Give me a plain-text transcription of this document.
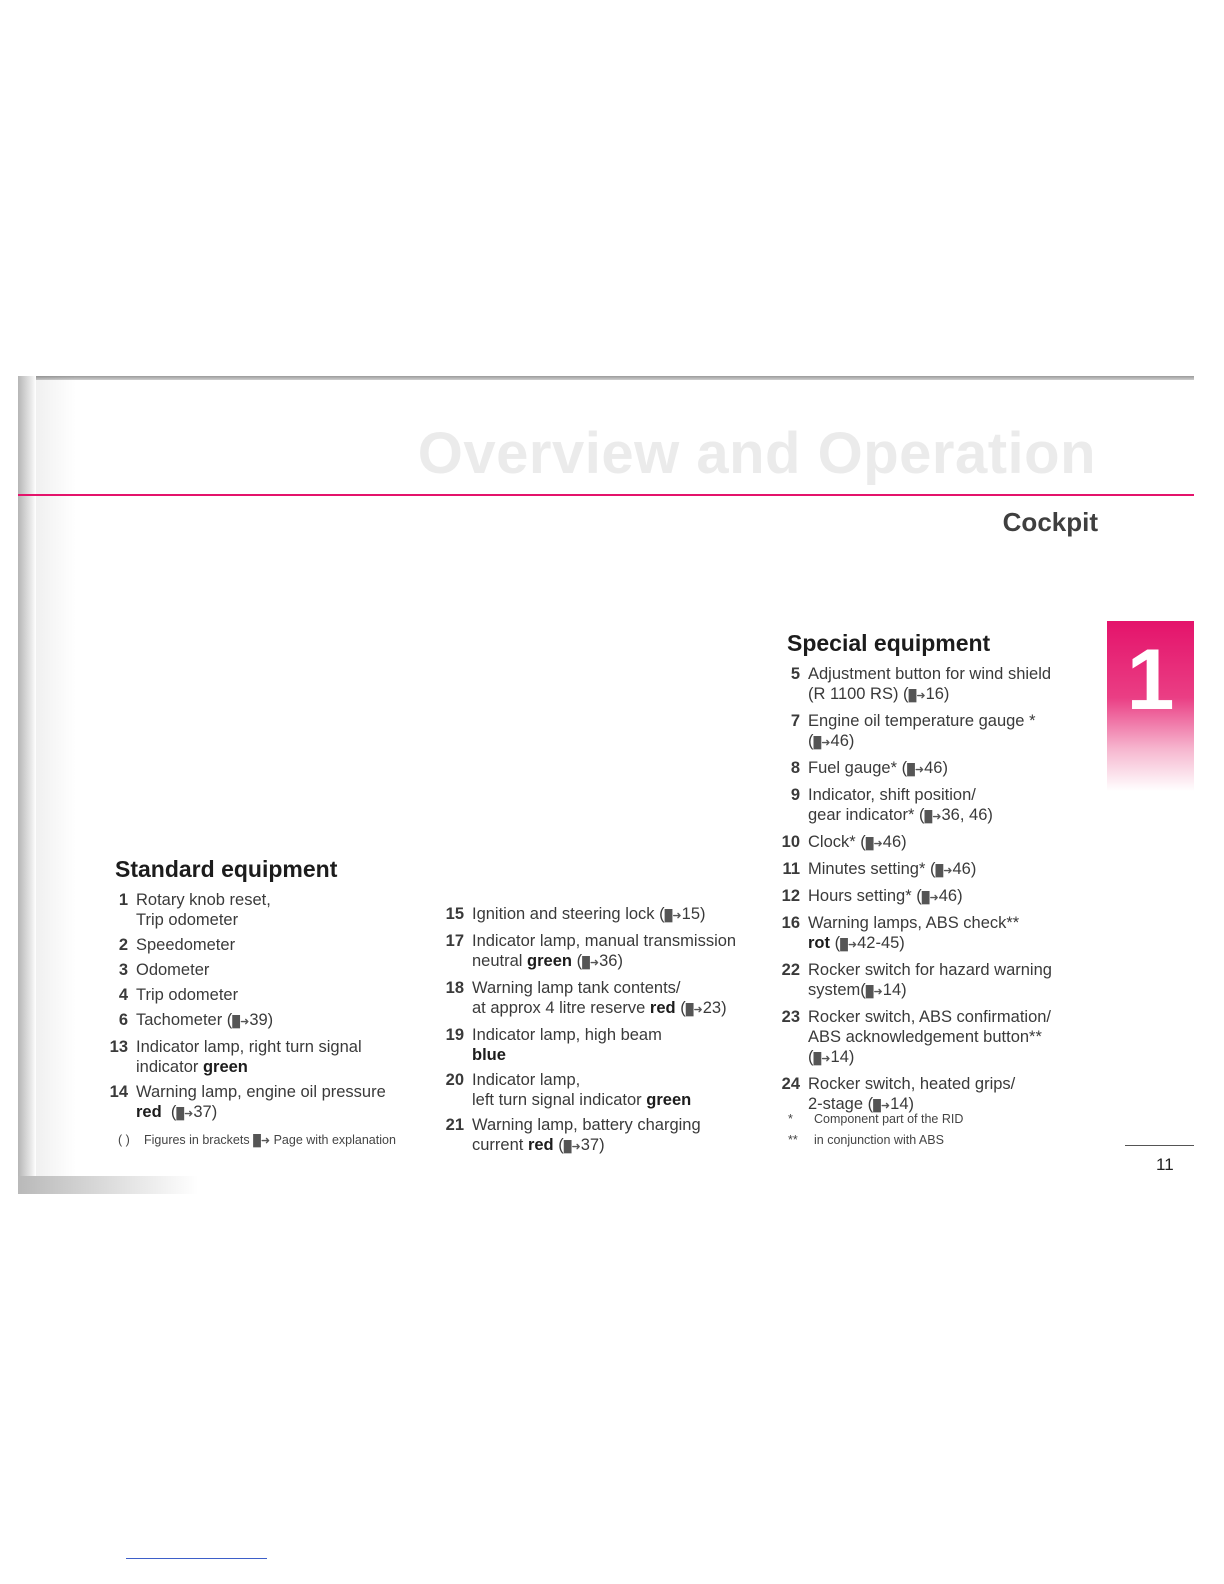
Overview and Operation
Cockpit
1
Standard equipment
1 Rotary knob reset,
Trip odometer
2 Speedometer
3 Odometer
4 Trip odometer
6 Tachometer (█➜39)
13 Indicator lamp, right turn signal
indicator green
14 Warning lamp, engine oil pressure
red  (█➜37)
( )	Figures in brackets █➜ Page with explanation
15 Ignition and steering lock (█➜15)
17 Indicator lamp, manual transmission
neutral green (█➜36)
18 Warning lamp tank contents/
at approx 4 litre reserve red (█➜23)
19 Indicator lamp, high beam
blue
20 Indicator lamp,
left turn signal indicator green
21 Warning lamp, battery charging
current red (█➜37)
Special equipment
5 Adjustment button for wind shield
(R 1100 RS) (█➜16)
7 Engine oil temperature gauge *
(█➜46)
8 Fuel gauge* (█➜46)
9 Indicator, shift position/
gear indicator* (█➜36, 46)
10 Clock* (█➜46)
11 Minutes setting* (█➜46)
12 Hours setting* (█➜46)
16 Warning lamps, ABS check**
rot (█➜42-45)
22 Rocker switch for hazard warning
system(█➜14)
23 Rocker switch, ABS confirmation/
ABS acknowledgement button**
(█➜14)
24 Rocker switch, heated grips/
2-stage (█➜14)
*	Component part of the RID
**	in conjunction with ABS
11
